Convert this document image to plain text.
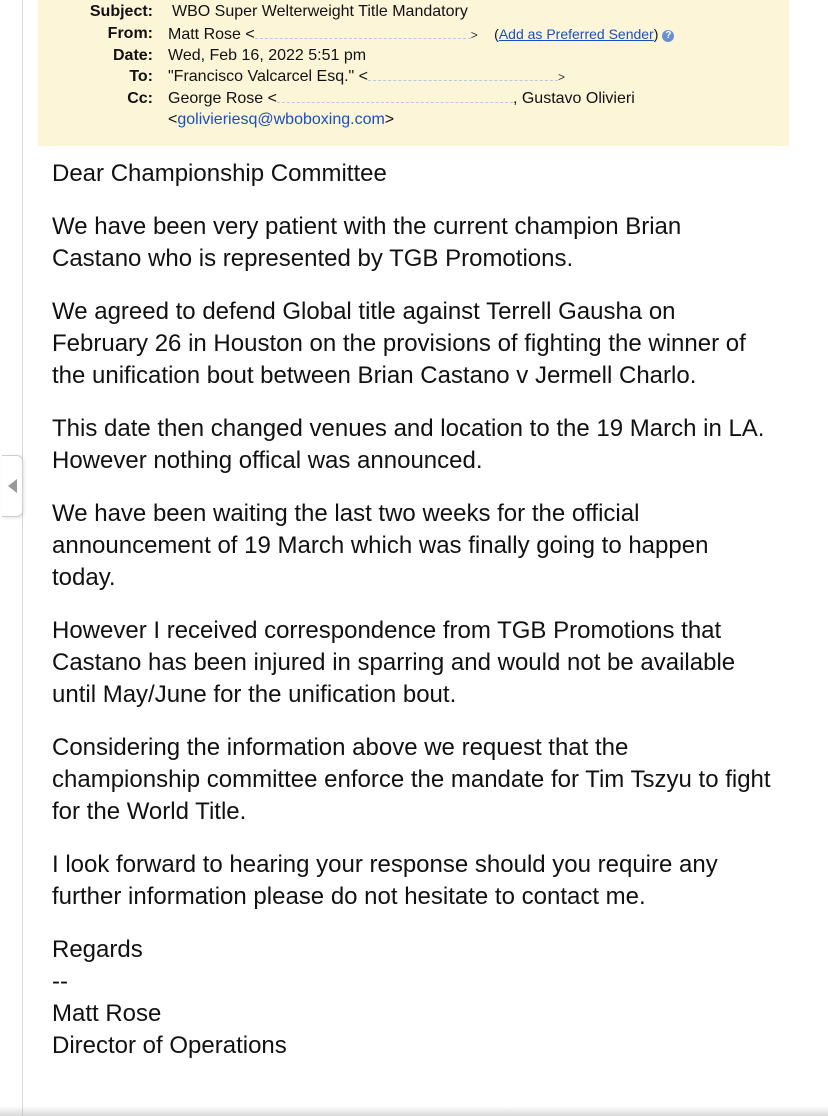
Subject: WBO Super Welterweight Title Mandatory
From: Matt Rose <	> (Add as Preferred Sender) ?
Date: Wed, Feb 16, 2022 5:51 pm
To: "Francisco Valcarcel Esq." <	>
Cc: George Rose <	, Gustavo Olivieri
<golivieriesq@wboboxing.com>

Dear Championship Committee

We have been very patient with the current champion Brian Castano who is represented by TGB Promotions.

We agreed to defend Global title against Terrell Gausha on February 26 in Houston on the provisions of fighting the winner of the unification bout between Brian Castano v Jermell Charlo.

This date then changed venues and location to the 19 March in LA. However nothing offical was announced.

We have been waiting the last two weeks for the official announcement of 19 March which was finally going to happen today.

However I received correspondence from TGB Promotions that Castano has been injured in sparring and would not be available until May/June for the unification bout.

Considering the information above we request that the championship committee enforce the mandate for Tim Tszyu to fight for the World Title.

I look forward to hearing your response should you require any further information please do not hesitate to contact me.

Regards

--

Matt Rose

Director of Operations
